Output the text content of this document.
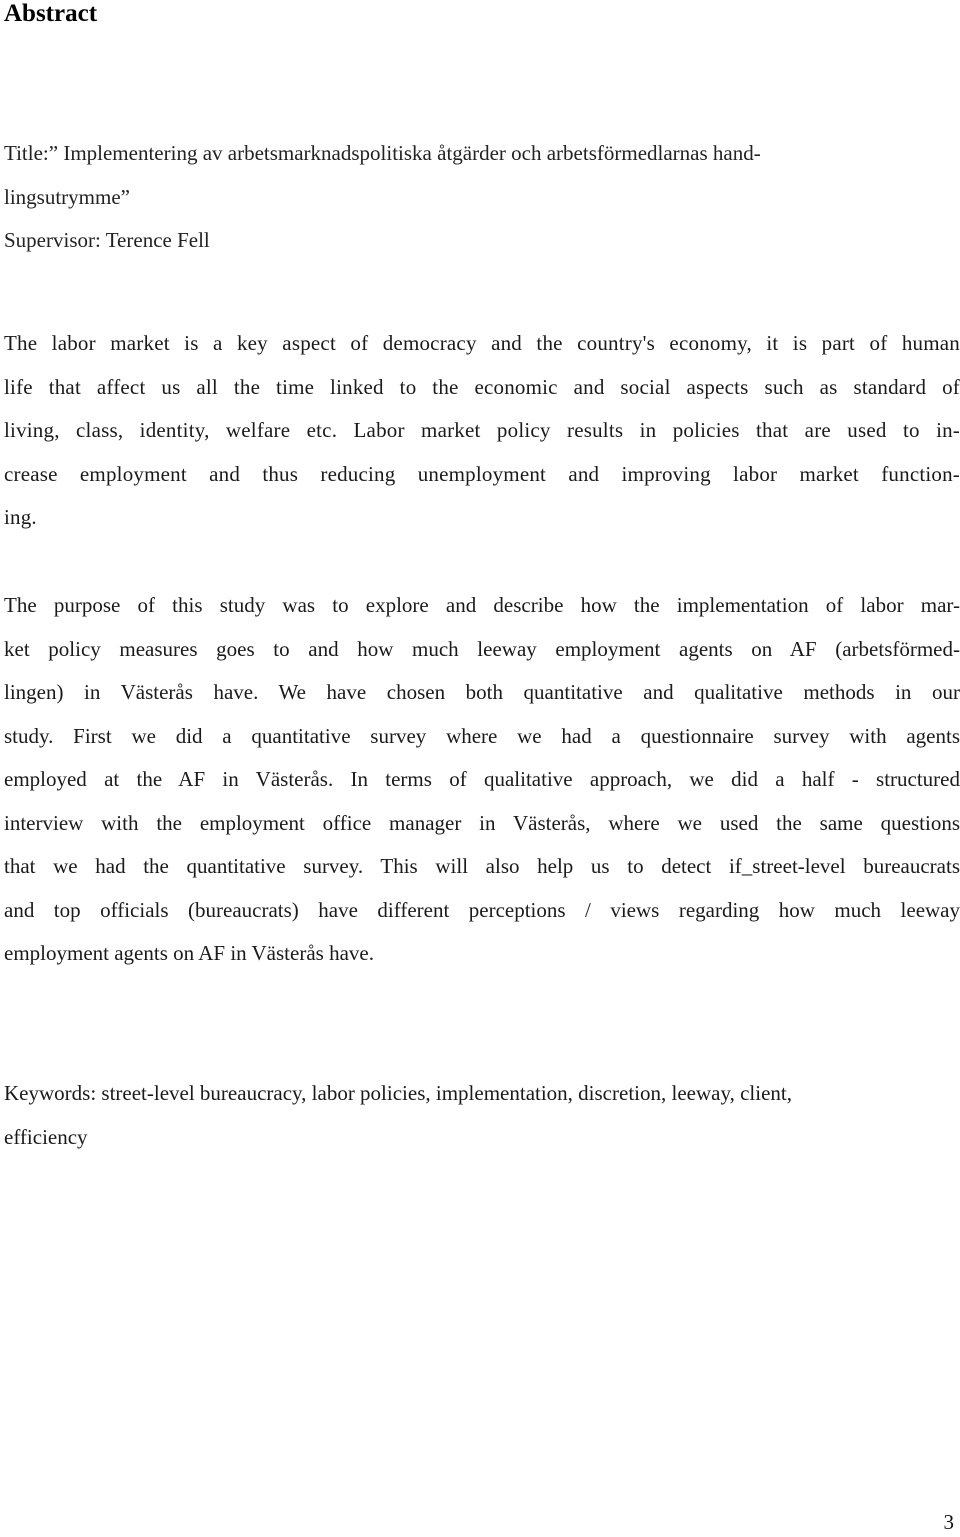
Abstract
Title:” Implementering av arbetsmarknadspolitiska åtgärder och arbetsförmedlarnas hand-
lingsutrymme”
Supervisor: Terence Fell
The labor market is a key aspect of democracy and the country's economy, it is part of human
life that affect us all the time linked to the economic and social aspects such as standard of
living, class, identity, welfare etc. Labor market policy results in policies that are used to in-
crease employment and thus reducing unemployment and improving labor market function-
ing.
The purpose of this study was to explore and describe how the implementation of labor mar-
ket policy measures goes to and how much leeway employment agents on AF (arbetsförmed-
lingen) in Västerås have. We have chosen both quantitative and qualitative methods in our
study. First we did a quantitative survey where we had a questionnaire survey with agents
employed at the AF in Västerås. In terms of qualitative approach, we did a half - structured
interview with the employment office manager in Västerås, where we used the same questions
that we had the quantitative survey. This will also help us to detect if_street-level bureaucrats
and top officials (bureaucrats) have different perceptions / views regarding how much leeway
employment agents on AF in Västerås have.
Keywords: street-level bureaucracy, labor policies, implementation, discretion, leeway, client,
efficiency
3
